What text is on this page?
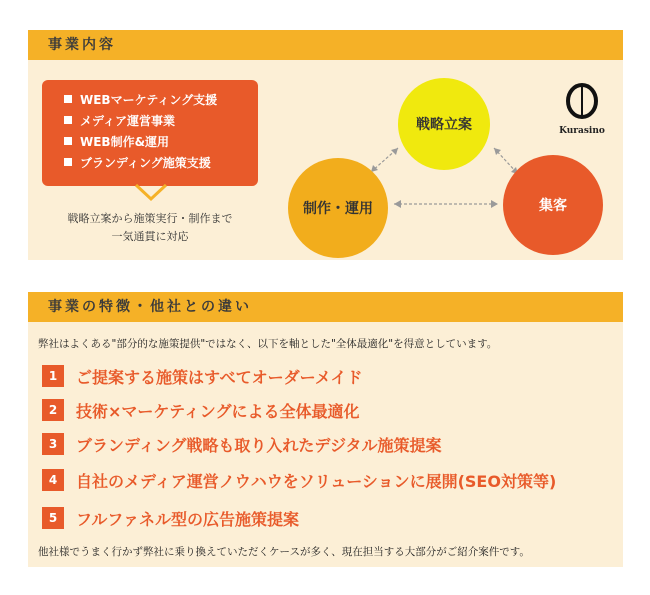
事業内容
WEBマーケティング支援
メディア運営事業
WEB制作&運用
ブランディング施策支援
戦略立案から施策実行・制作まで
一気通貫に対応
戦略立案
制作・運用	集客
Kurasino
事業の特徴・他社との違い
弊社はよくある"部分的な施策提供"ではなく、以下を軸とした"全体最適化"を得意としています。
1	ご提案する施策はすべてオーダーメイド
2	技術×マーケティングによる全体最適化
3	ブランディング戦略も取り入れたデジタル施策提案
4	自社のメディア運営ノウハウをソリューションに展開(SEO対策等)
5	フルファネル型の広告施策提案
他社様でうまく行かず弊社に乗り換えていただくケースが多く、現在担当する大部分がご紹介案件です。
